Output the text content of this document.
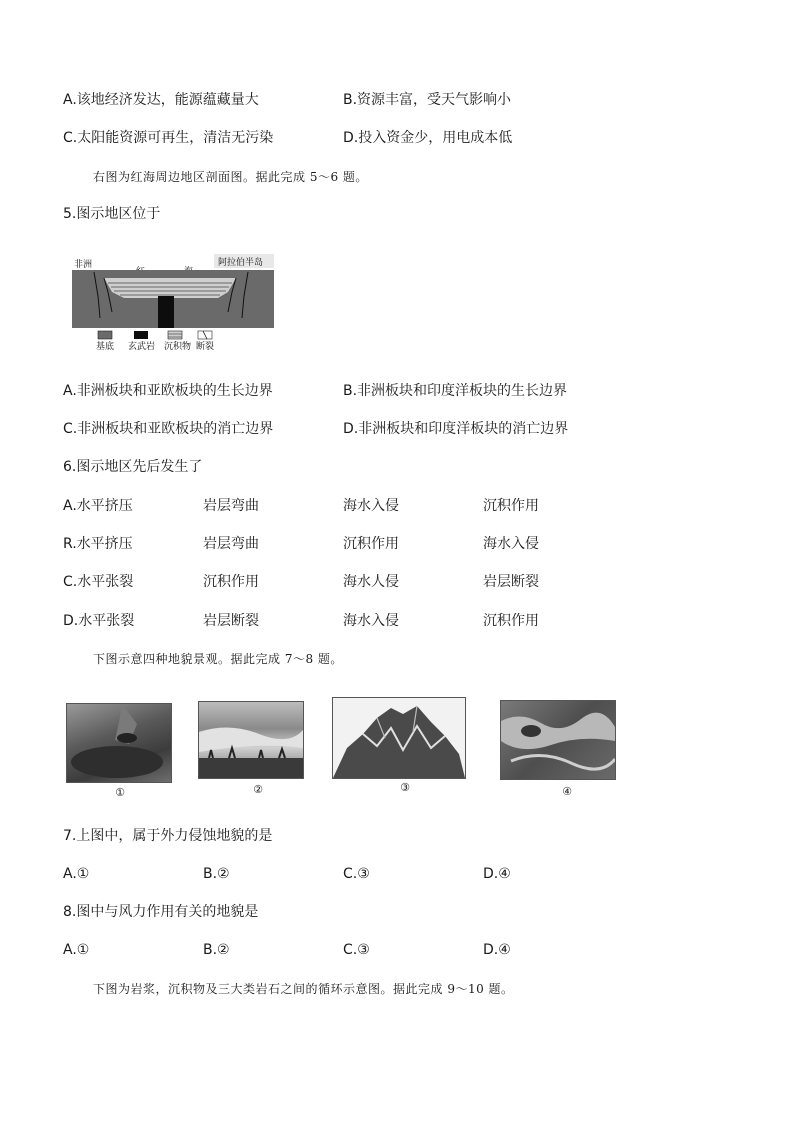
A.该地经济发达，能源蕴藏量大	B.资源丰富，受天气影响小
C.太阳能资源可再生，清洁无污染	D.投入资金少，用电成本低
右图为红海周边地区剖面图。据此完成 5～6 题。
5.图示地区位于
非洲	阿拉伯半岛
基底 玄武岩 沉积物 断裂
A.非洲板块和亚欧板块的生长边界	B.非洲板块和印度洋板块的生长边界
C.非洲板块和亚欧板块的消亡边界	D.非洲板块和印度洋板块的消亡边界
6.图示地区先后发生了
A.水平挤压	岩层弯曲	海水入侵	沉积作用
R.水平挤压	岩层弯曲	沉积作用	海水入侵
C.水平张裂	沉积作用	海水人侵	岩层断裂
D.水平张裂	岩层断裂	海水入侵	沉积作用
下图示意四种地貌景观。据此完成 7～8 题。
①	②	③	④
7.上图中，属于外力侵蚀地貌的是
A.①	B.②	C.③	D.④
8.图中与风力作用有关的地貌是
A.①	B.②	C.③	D.④
下图为岩浆，沉积物及三大类岩石之间的循环示意图。据此完成 9～10 题。
